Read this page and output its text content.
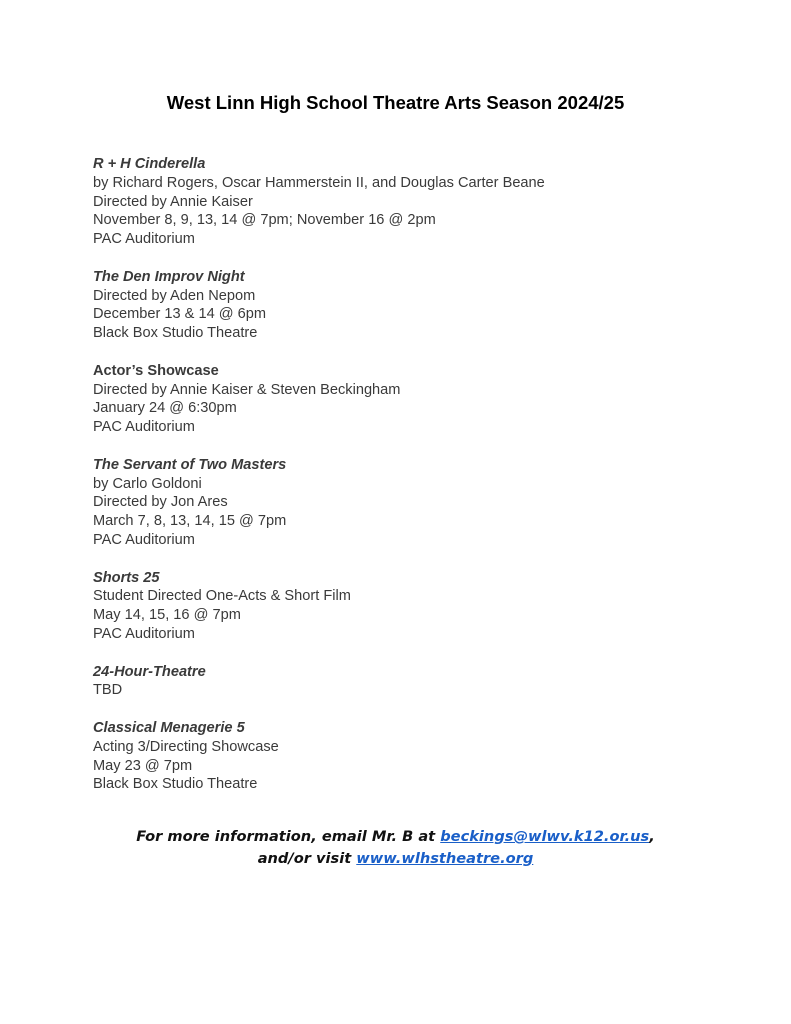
West Linn High School Theatre Arts Season 2024/25
R + H Cinderella
by Richard Rogers, Oscar Hammerstein II, and Douglas Carter Beane
Directed by Annie Kaiser
November 8, 9, 13, 14 @ 7pm; November 16 @ 2pm
PAC Auditorium
The Den Improv Night
Directed by Aden Nepom
December 13 & 14 @ 6pm
Black Box Studio Theatre
Actor’s Showcase
Directed by Annie Kaiser & Steven Beckingham
January 24 @ 6:30pm
PAC Auditorium
The Servant of Two Masters
by Carlo Goldoni
Directed by Jon Ares
March 7, 8, 13, 14, 15 @ 7pm
PAC Auditorium
Shorts 25
Student Directed One-Acts & Short Film
May 14, 15, 16 @ 7pm
PAC Auditorium
24-Hour-Theatre
TBD
Classical Menagerie 5
Acting 3/Directing Showcase
May 23 @ 7pm
Black Box Studio Theatre
For more information, email Mr. B at beckings@wlwv.k12.or.us,
and/or visit www.wlhstheatre.org
